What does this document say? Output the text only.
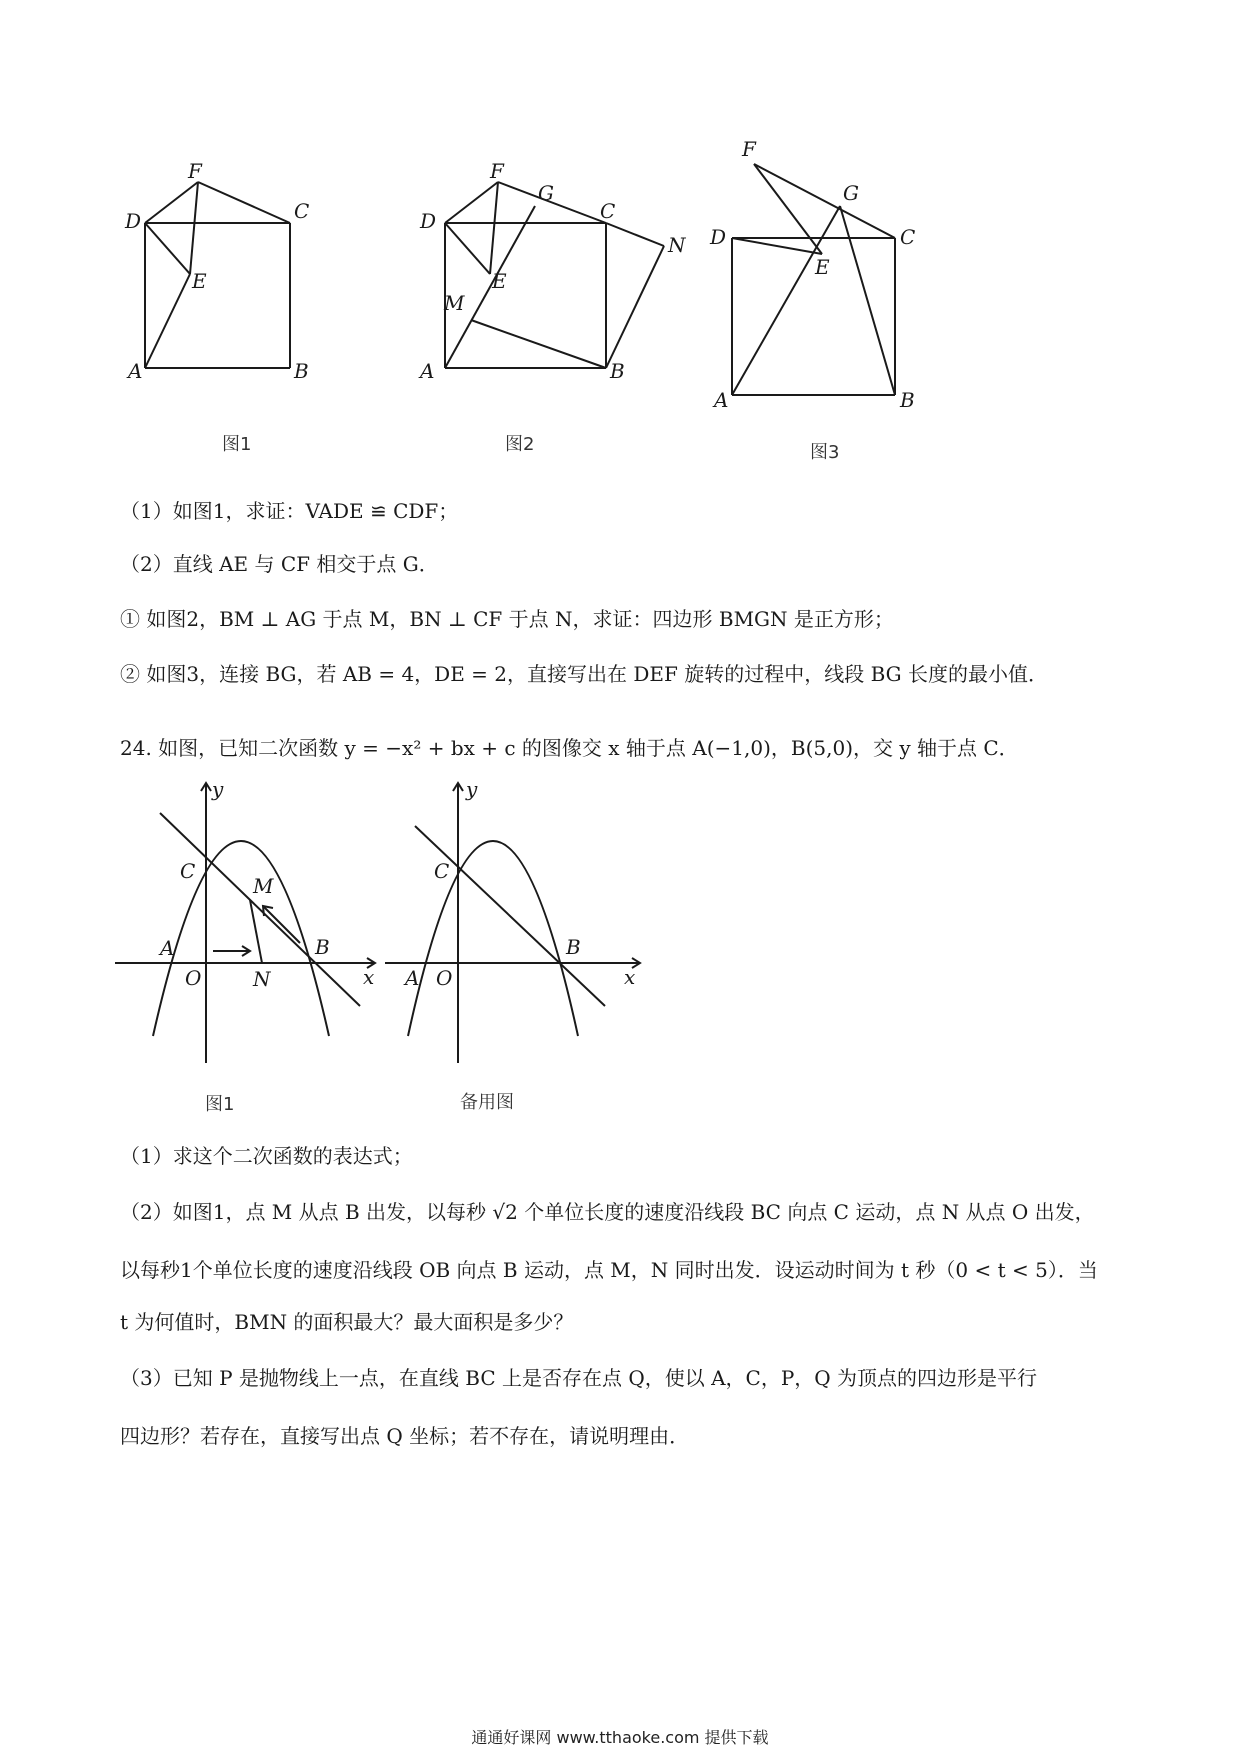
F
D	C
E
A	B
图1
F
G
D	C
N
E
M
A	B
图2
F
G
D	C
E
A	B
图3
（1）如图1，求证：VADE ≌ CDF；
（2）直线 AE 与 CF 相交于点 G．
① 如图2，BM ⊥ AG 于点 M，BN ⊥ CF 于点 N，求证：四边形 BMGN 是正方形；
② 如图3，连接 BG，若 AB = 4，DE = 2，直接写出在 DEF 旋转的过程中，线段 BG 长度的最小值．
24. 如图，已知二次函数 y = −x² + bx + c 的图像交 x 轴于点 A(−1,0)，B(5,0)，交 y 轴于点 C．
y
x
C
M
A
O	N
B
图1
y
x
C
A O
B
备用图
（1）求这个二次函数的表达式；
（2）如图1，点 M 从点 B 出发，以每秒 √2 个单位长度的速度沿线段 BC 向点 C 运动，点 N 从点 O 出发，
以每秒1个单位长度的速度沿线段 OB 向点 B 运动，点 M，N 同时出发．设运动时间为 t 秒（0 < t < 5）．当
t 为何值时，BMN 的面积最大？最大面积是多少？
（3）已知 P 是抛物线上一点，在直线 BC 上是否存在点 Q，使以 A，C，P，Q 为顶点的四边形是平行
四边形？若存在，直接写出点 Q 坐标；若不存在，请说明理由．
通通好课网 www.tthaoke.com 提供下载
